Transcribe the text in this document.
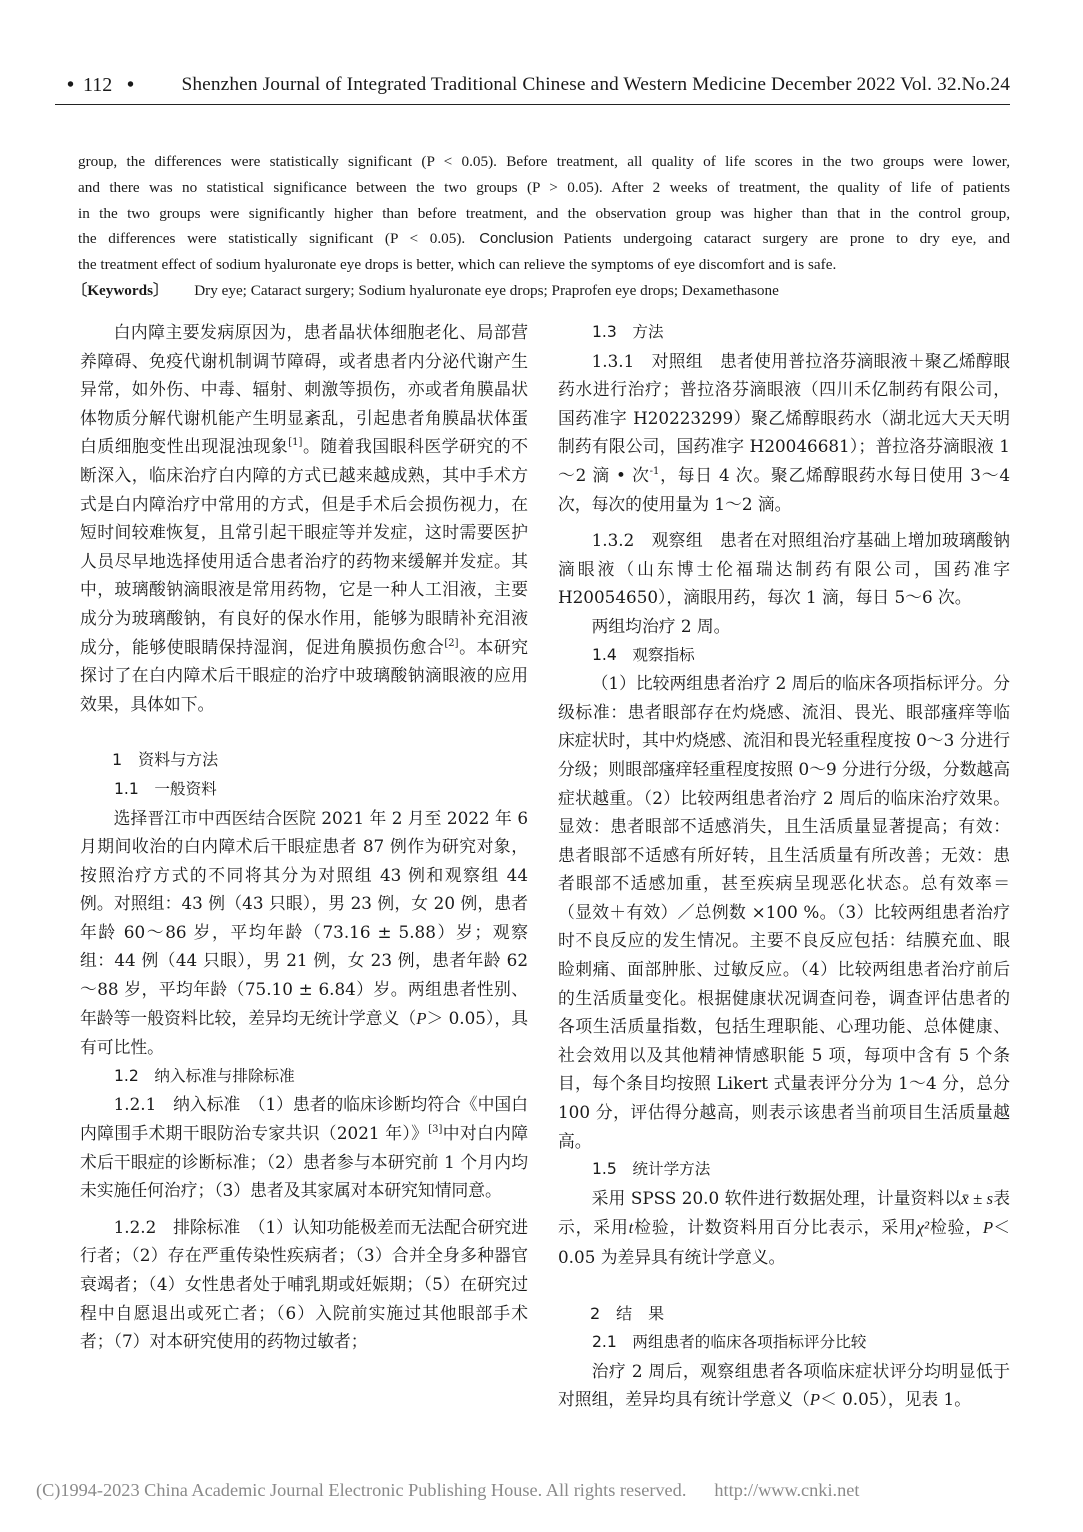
• 112 • Shenzhen Journal of Integrated Traditional Chinese and Western Medicine December 2022 Vol. 32.No.24
group, the differences were statistically significant (P < 0.05). Before treatment, all quality of life scores in the two groups were lower,
and there was no statistical significance between the two groups (P > 0.05). After 2 weeks of treatment, the quality of life of patients
in the two groups were significantly higher than before treatment, and the observation group was higher than that in the control group,
the differences were statistically significant (P < 0.05). Conclusion Patients undergoing cataract surgery are prone to dry eye, and
the treatment effect of sodium hyaluronate eye drops is better, which can relieve the symptoms of eye discomfort and is safe.
〔Keywords〕 Dry eye; Cataract surgery; Sodium hyaluronate eye drops; Praprofen eye drops; Dexamethasone

白内障主要发病原因为，患者晶状体细胞老化、局部营养障碍、免疫代谢机制调节障碍，或者患者内分泌代谢产生异常，如外伤、中毒、辐射、刺激等损伤，亦或者角膜晶状体物质分解代谢机能产生明显紊乱，引起患者角膜晶状体蛋白质细胞变性出现混浊现象[1]。随着我国眼科医学研究的不断深入，临床治疗白内障的方式已越来越成熟，其中手术方式是白内障治疗中常用的方式，但是手术后会损伤视力，在短时间较难恢复，且常引起干眼症等并发症，这时需要医护人员尽早地选择使用适合患者治疗的药物来缓解并发症。其中，玻璃酸钠滴眼液是常用药物，它是一种人工泪液，主要成分为玻璃酸钠，有良好的保水作用，能够为眼睛补充泪液成分，能够使眼睛保持湿润，促进角膜损伤愈合[2]。本研究探讨了在白内障术后干眼症的治疗中玻璃酸钠滴眼液的应用效果，具体如下。

1　资料与方法

1.1　一般资料

选择晋江市中西医结合医院 2021 年 2 月至 2022 年 6 月期间收治的白内障术后干眼症患者 87 例作为研究对象，按照治疗方式的不同将其分为对照组 43 例和观察组 44 例。对照组：43 例（43 只眼），男 23 例，女 20 例，患者年龄 60～86 岁，平均年龄（73.16 ± 5.88）岁；观察组：44 例（44 只眼），男 21 例，女 23 例，患者年龄 62～88 岁，平均年龄（75.10 ± 6.84）岁。两组患者性别、年龄等一般资料比较，差异均无统计学意义（P＞ 0.05），具有可比性。

1.2　纳入标准与排除标准

1.2.1　纳入标准　（1）患者的临床诊断均符合《中国白内障围手术期干眼防治专家共识（2021 年）》[3]中对白内障术后干眼症的诊断标准；（2）患者参与本研究前 1 个月内均未实施任何治疗；（3）患者及其家属对本研究知情同意。

1.2.2　排除标准　（1）认知功能极差而无法配合研究进行者；（2）存在严重传染性疾病者；（3）合并全身多种器官衰竭者；（4）女性患者处于哺乳期或妊娠期；（5）在研究过程中自愿退出或死亡者；（6）入院前实施过其他眼部手术者；（7）对本研究使用的药物过敏者；

1.3　方法

1.3.1　对照组　患者使用普拉洛芬滴眼液＋聚乙烯醇眼药水进行治疗；普拉洛芬滴眼液（四川禾亿制药有限公司，国药准字 H20223299）聚乙烯醇眼药水（湖北远大天天明制药有限公司，国药准字 H20046681）；普拉洛芬滴眼液 1～2 滴 • 次$^{-1}$，每日 4 次。聚乙烯醇眼药水每日使用 3～4 次，每次的使用量为 1～2 滴。

1.3.2　观察组　患者在对照组治疗基础上增加玻璃酸钠滴眼液（山东博士伦福瑞达制药有限公司，国药准字 H20054650），滴眼用药，每次 1 滴，每日 5～6 次。

两组均治疗 2 周。

1.4　观察指标

（1）比较两组患者治疗 2 周后的临床各项指标评分。分级标准：患者眼部存在灼烧感、流泪、畏光、眼部瘙痒等临床症状时，其中灼烧感、流泪和畏光轻重程度按 0～3 分进行分级；则眼部瘙痒轻重程度按照 0～9 分进行分级，分数越高症状越重。（2）比较两组患者治疗 2 周后的临床治疗效果。显效：患者眼部不适感消失，且生活质量显著提高；有效：患者眼部不适感有所好转，且生活质量有所改善；无效：患者眼部不适感加重，甚至疾病呈现恶化状态。总有效率＝（显效＋有效）／总例数 ×100 %。（3）比较两组患者治疗时不良反应的发生情况。主要不良反应包括：结膜充血、眼睑刺痛、面部肿胀、过敏反应。（4）比较两组患者治疗前后的生活质量变化。根据健康状况调查问卷，调查评估患者的各项生活质量指数，包括生理职能、心理功能、总体健康、社会效用以及其他精神情感职能 5 项，每项中含有 5 个条目，每个条目均按照 Likert 式量表评分分为 1～4 分，总分 100 分，评估得分越高，则表示该患者当前项目生活质量越高。

1.5　统计学方法

采用 SPSS 20.0 软件进行数据处理，计量资料以x̄ ± s表示，采用t检验，计数资料用百分比表示，采用χ²检验，P＜ 0.05 为差异具有统计学意义。

2　结　果

2.1　两组患者的临床各项指标评分比较

治疗 2 周后，观察组患者各项临床症状评分均明显低于对照组，差异均具有统计学意义（P＜ 0.05），见表 1。

(C)1994-2023 China Academic Journal Electronic Publishing House. All rights reserved. http://www.cnki.net
